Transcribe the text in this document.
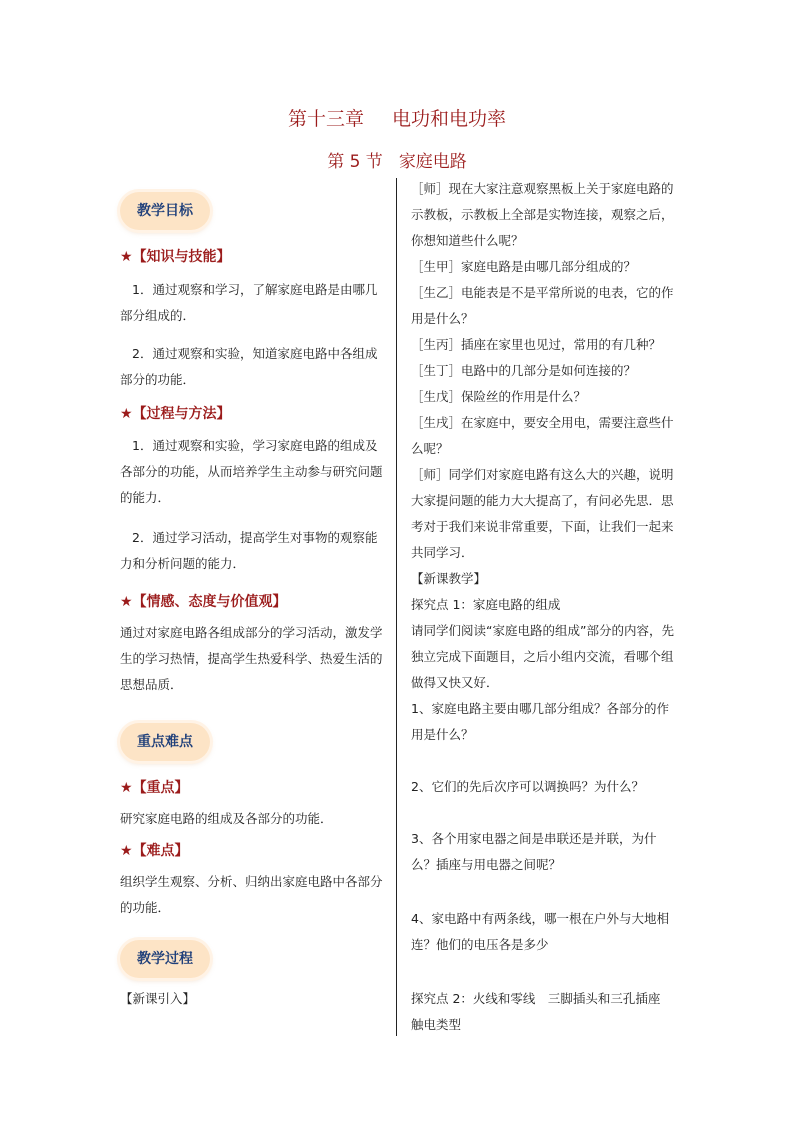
第十三章 电功和电功率
第 5 节 家庭电路
教学目标
★【知识与技能】
1．通过观察和学习，了解家庭电路是由哪几部分组成的．
2．通过观察和实验，知道家庭电路中各组成部分的功能．
★【过程与方法】
1．通过观察和实验，学习家庭电路的组成及各部分的功能，从而培养学生主动参与研究问题的能力．
2．通过学习活动，提高学生对事物的观察能力和分析问题的能力．
★【情感、态度与价值观】
通过对家庭电路各组成部分的学习活动，激发学生的学习热情，提高学生热爱科学、热爱生活的思想品质．
重点难点
★【重点】
研究家庭电路的组成及各部分的功能．
★【难点】
组织学生观察、分析、归纳出家庭电路中各部分的功能．
教学过程
【新课引入】

［师］现在大家注意观察黑板上关于家庭电路的示教板，示教板上全部是实物连接，观察之后，你想知道些什么呢？

［生甲］家庭电路是由哪几部分组成的？

［生乙］电能表是不是平常所说的电表，它的作用是什么？

［生丙］插座在家里也见过，常用的有几种？

［生丁］电路中的几部分是如何连接的？

［生戊］保险丝的作用是什么？

［生戌］在家庭中，要安全用电，需要注意些什么呢？

［师］同学们对家庭电路有这么大的兴趣，说明大家提问题的能力大大提高了，有问必先思．思考对于我们来说非常重要，下面，让我们一起来共同学习．

【新课教学】

探究点 1：家庭电路的组成

请同学们阅读“家庭电路的组成”部分的内容，先独立完成下面题目，之后小组内交流，看哪个组做得又快又好．

1、家庭电路主要由哪几部分组成？各部分的作用是什么？

2、它们的先后次序可以调换吗？为什么？

3、各个用家电器之间是串联还是并联，为什么？插座与用电器之间呢？

4、家电路中有两条线，哪一根在户外与大地相连？他们的电压各是多少

探究点 2：火线和零线　三脚插头和三孔插座　触电类型
